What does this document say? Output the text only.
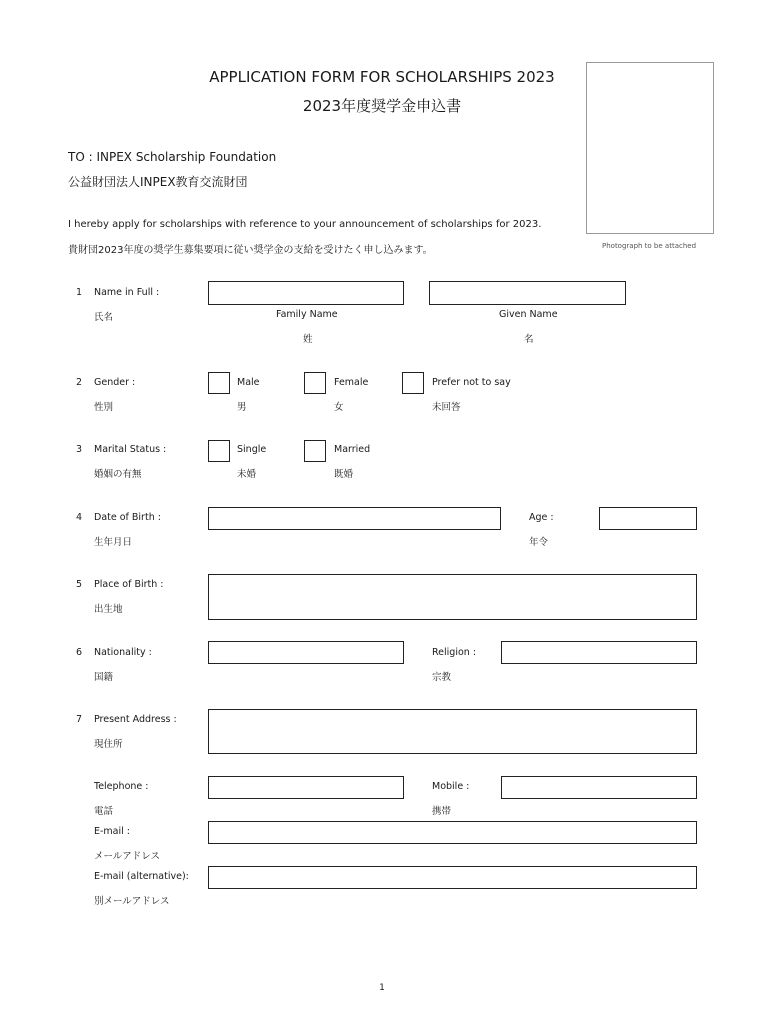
APPLICATION FORM FOR SCHOLARSHIPS 2023
2023年度奨学金申込書
Photograph to be attached
TO : INPEX Scholarship Foundation
公益財団法人INPEX教育交流財団
I hereby apply for scholarships with reference to your announcement of scholarships for 2023.
貴財団2023年度の奨学生募集要項に従い奨学金の支給を受けたく申し込みます。
1 Name in Full :
氏名	Family Name
姓
Given Name
名
2 Gender :
性別
Male
男
Female
女
Prefer not to say
未回答
3 Marital Status :
婚姻の有無
Single
未婚
Married
既婚
4 Date of Birth :
生年月日
Age :
年令
5 Place of Birth :
出生地
6 Nationality :
国籍
Religion :
宗教
7 Present Address :
現住所
Telephone :
電話
Mobile :
携帯
E-mail :
メールアドレス
E-mail (alternative):
別メールアドレス
1
